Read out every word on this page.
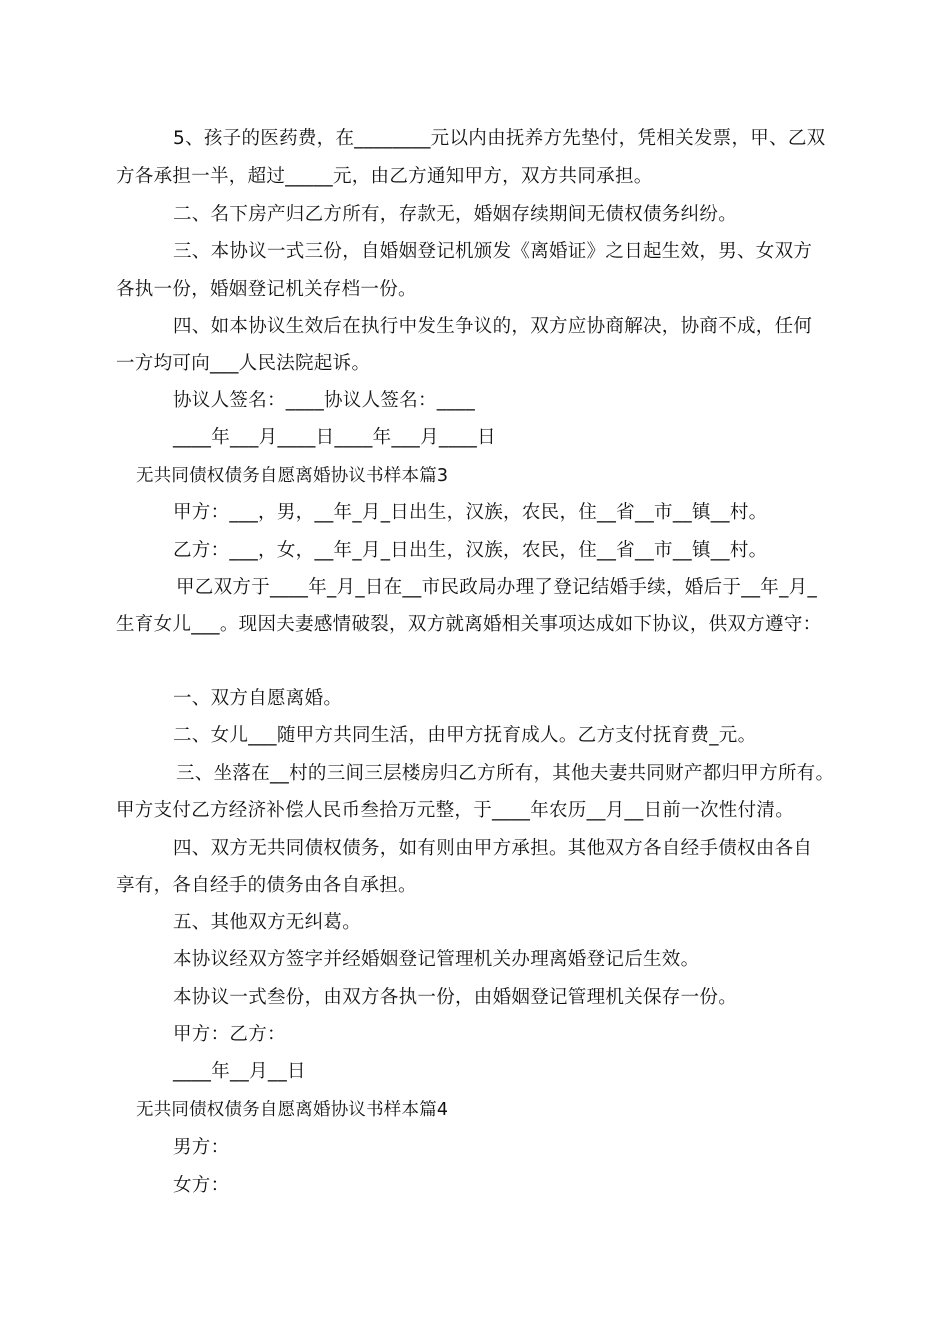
5、孩子的医药费，在________元以内由抚养方先垫付，凭相关发票，甲、乙双
方各承担一半，超过_____元，由乙方通知甲方，双方共同承担。
二、名下房产归乙方所有，存款无，婚姻存续期间无债权债务纠纷。
三、本协议一式三份，自婚姻登记机颁发《离婚证》之日起生效，男、女双方
各执一份，婚姻登记机关存档一份。
四、如本协议生效后在执行中发生争议的，双方应协商解决，协商不成，任何
一方均可向___人民法院起诉。
协议人签名：____协议人签名：____
____年___月____日____年___月____日
无共同债权债务自愿离婚协议书样本篇3
甲方：___，男，__年_月_日出生，汉族，农民，住__省__市__镇__村。
乙方：___，女，__年_月_日出生，汉族，农民，住__省__市__镇__村。
甲乙双方于____年_月_日在__市民政局办理了登记结婚手续，婚后于__年_月_
生育女儿___。现因夫妻感情破裂，双方就离婚相关事项达成如下协议，供双方遵守：
一、双方自愿离婚。
二、女儿___随甲方共同生活，由甲方抚育成人。乙方支付抚育费_元。
三、坐落在__村的三间三层楼房归乙方所有，其他夫妻共同财产都归甲方所有。
甲方支付乙方经济补偿人民币叁拾万元整，于____年农历__月__日前一次性付清。
四、双方无共同债权债务，如有则由甲方承担。其他双方各自经手债权由各自
享有，各自经手的债务由各自承担。
五、其他双方无纠葛。
本协议经双方签字并经婚姻登记管理机关办理离婚登记后生效。
本协议一式叁份，由双方各执一份，由婚姻登记管理机关保存一份。
甲方：乙方：
____年__月__日
无共同债权债务自愿离婚协议书样本篇4
男方：
女方：
